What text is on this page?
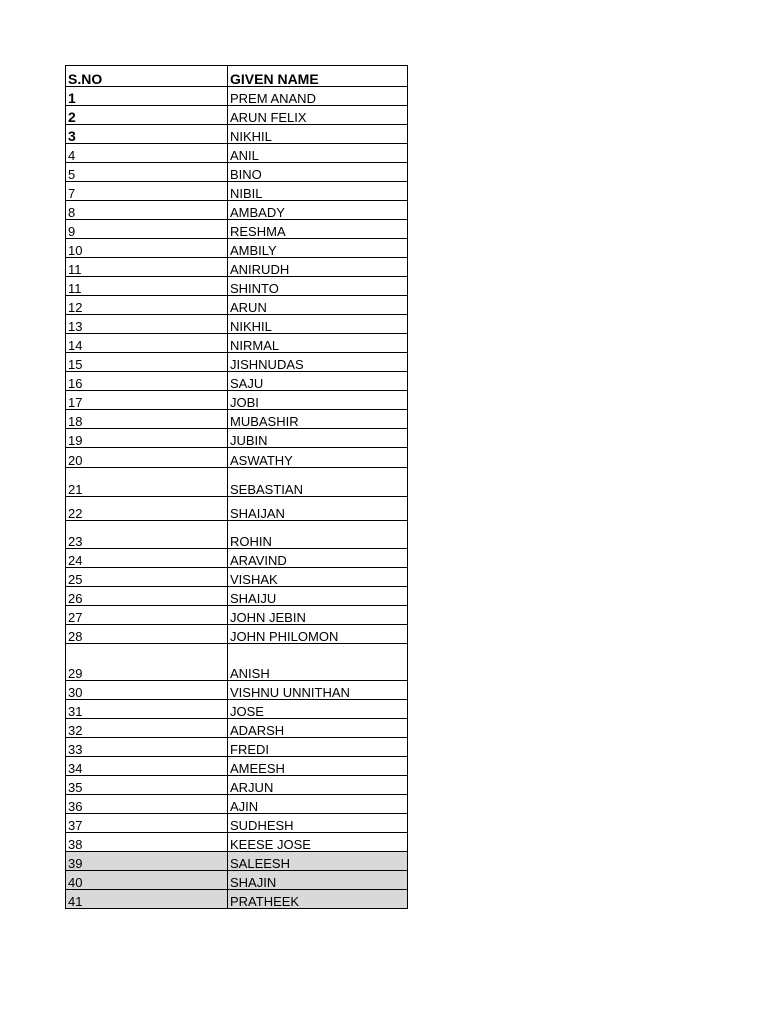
S.NO	GIVEN NAME
1	PREM ANAND
2	ARUN FELIX
3	NIKHIL
4	ANIL
5	BINO
7	NIBIL
8	AMBADY
9	RESHMA
10	AMBILY
11	ANIRUDH
11	SHINTO
12	ARUN
13	NIKHIL
14	NIRMAL
15	JISHNUDAS
16	SAJU
17	JOBI
18	MUBASHIR
19	JUBIN
20	ASWATHY
21	SEBASTIAN
22	SHAIJAN
23	ROHIN
24	ARAVIND
25	VISHAK
26	SHAIJU
27	JOHN JEBIN
28	JOHN PHILOMON
29	ANISH
30	VISHNU UNNITHAN
31	JOSE
32	ADARSH
33	FREDI
34	AMEESH
35	ARJUN
36	AJIN
37	SUDHESH
38	KEESE JOSE
39	SALEESH
40	SHAJIN
41	PRATHEEK
